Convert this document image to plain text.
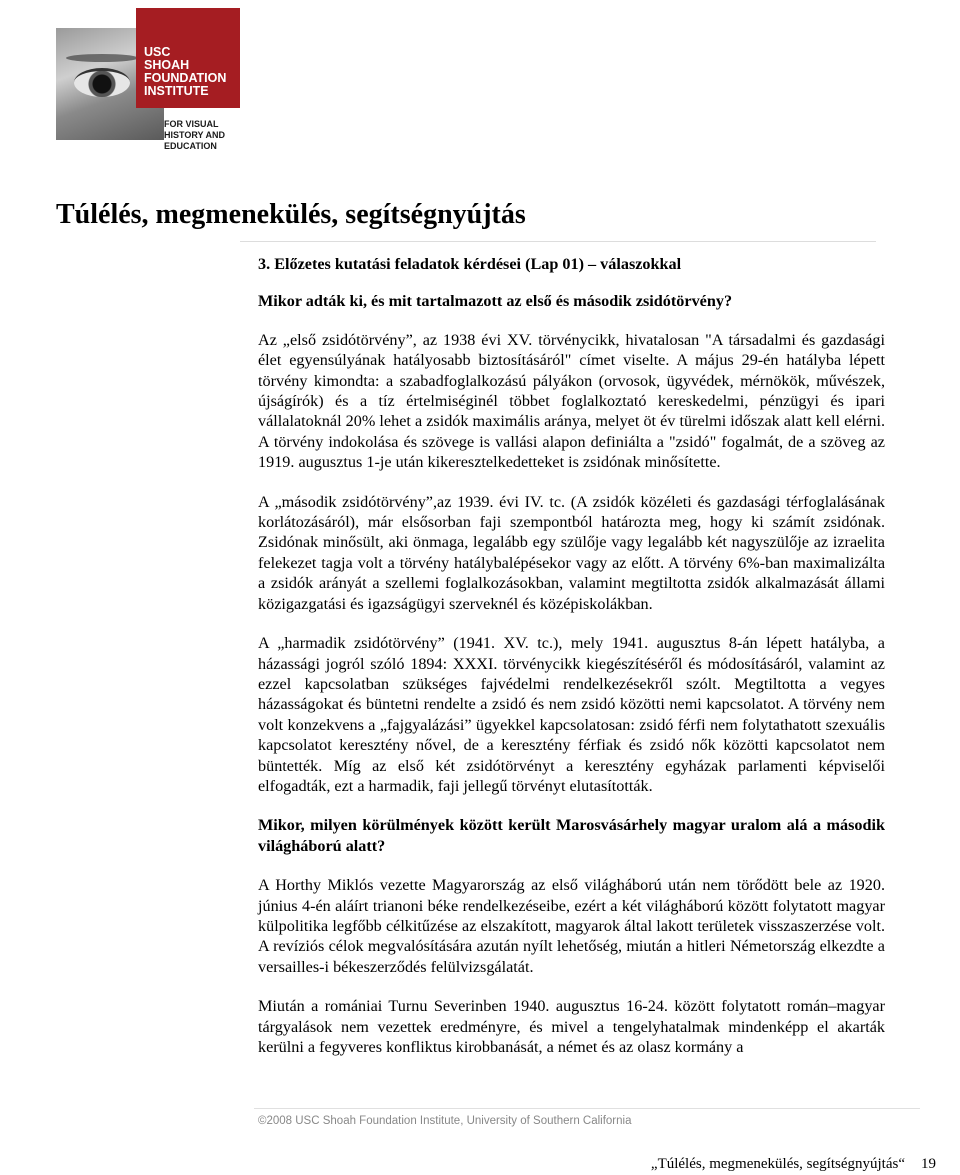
USC
SHOAH
FOUNDATION
INSTITUTE
FOR VISUAL
HISTORY AND
EDUCATION
Túlélés, megmenekülés, segítségnyújtás

3. Előzetes kutatási feladatok kérdései (Lap 01) – válaszokkal

Mikor adták ki, és mit tartalmazott az első és második zsidótörvény?

Az „első zsidótörvény”, az 1938 évi XV. törvénycikk, hivatalosan "A társadalmi és gazdasági élet egyensúlyának hatályosabb biztosításáról" címet viselte. A május 29-én hatályba lépett törvény kimondta: a szabadfoglalkozású pályákon (orvosok, ügyvédek, mérnökök, művészek, újságírók) és a tíz értelmiséginél többet foglalkoztató kereskedelmi, pénzügyi és ipari vállalatoknál 20% lehet a zsidók maximális aránya, melyet öt év türelmi időszak alatt kell elérni. A törvény indokolása és szövege is vallási alapon definiálta a "zsidó" fogalmát, de a szöveg az 1919. augusztus 1-je után kikeresztelkedetteket is zsidónak minősítette.

A „második zsidótörvény”,az 1939. évi IV. tc. (A zsidók közéleti és gazdasági térfoglalásának korlátozásáról), már elsősorban faji szempontból határozta meg, hogy ki számít zsidónak. Zsidónak minősült, aki önmaga, legalább egy szülője vagy legalább két nagyszülője az izraelita felekezet tagja volt a törvény hatálybalépésekor vagy az előtt. A törvény 6%-ban maximalizálta a zsidók arányát a szellemi foglalkozásokban, valamint megtiltotta zsidók alkalmazását állami közigazgatási és igazságügyi szerveknél és középiskolákban.

A „harmadik zsidótörvény” (1941. XV. tc.), mely 1941. augusztus 8-án lépett hatályba, a házassági jogról szóló 1894: XXXI. törvénycikk kiegészítéséről és módosításáról, valamint az ezzel kapcsolatban szükséges fajvédelmi rendelkezésekről szólt. Megtiltotta a vegyes házasságokat és büntetni rendelte a zsidó és nem zsidó közötti nemi kapcsolatot. A törvény nem volt konzekvens a „fajgyalázási” ügyekkel kapcsolatosan: zsidó férfi nem folytathatott szexuális kapcsolatot keresztény nővel, de a keresztény férfiak és zsidó nők közötti kapcsolatot nem büntették. Míg az első két zsidótörvényt a keresztény egyházak parlamenti képviselői elfogadták, ezt a harmadik, faji jellegű törvényt elutasították.

Mikor, milyen körülmények között került Marosvásárhely magyar uralom alá a második világháború alatt?

A Horthy Miklós vezette Magyarország az első világháború után nem törődött bele az 1920. június 4-én aláírt trianoni béke rendelkezéseibe, ezért a két világháború között folytatott magyar külpolitika legfőbb célkitűzése az elszakított, magyarok által lakott területek visszaszerzése volt. A revíziós célok megvalósítására azután nyílt lehetőség, miután a hitleri Németország elkezdte a versailles-i békeszerződés felülvizsgálatát.

Miután a romániai Turnu Severinben 1940. augusztus 16-24. között folytatott román–magyar tárgyalások nem vezettek eredményre, és mivel a tengelyhatalmak mindenképp el akarták kerülni a fegyveres konfliktus kirobbanását, a német és az olasz kormány a

©2008 USC Shoah Foundation Institute, University of Southern California
„Túlélés, megmenekülés, segítségnyújtás“ 19
